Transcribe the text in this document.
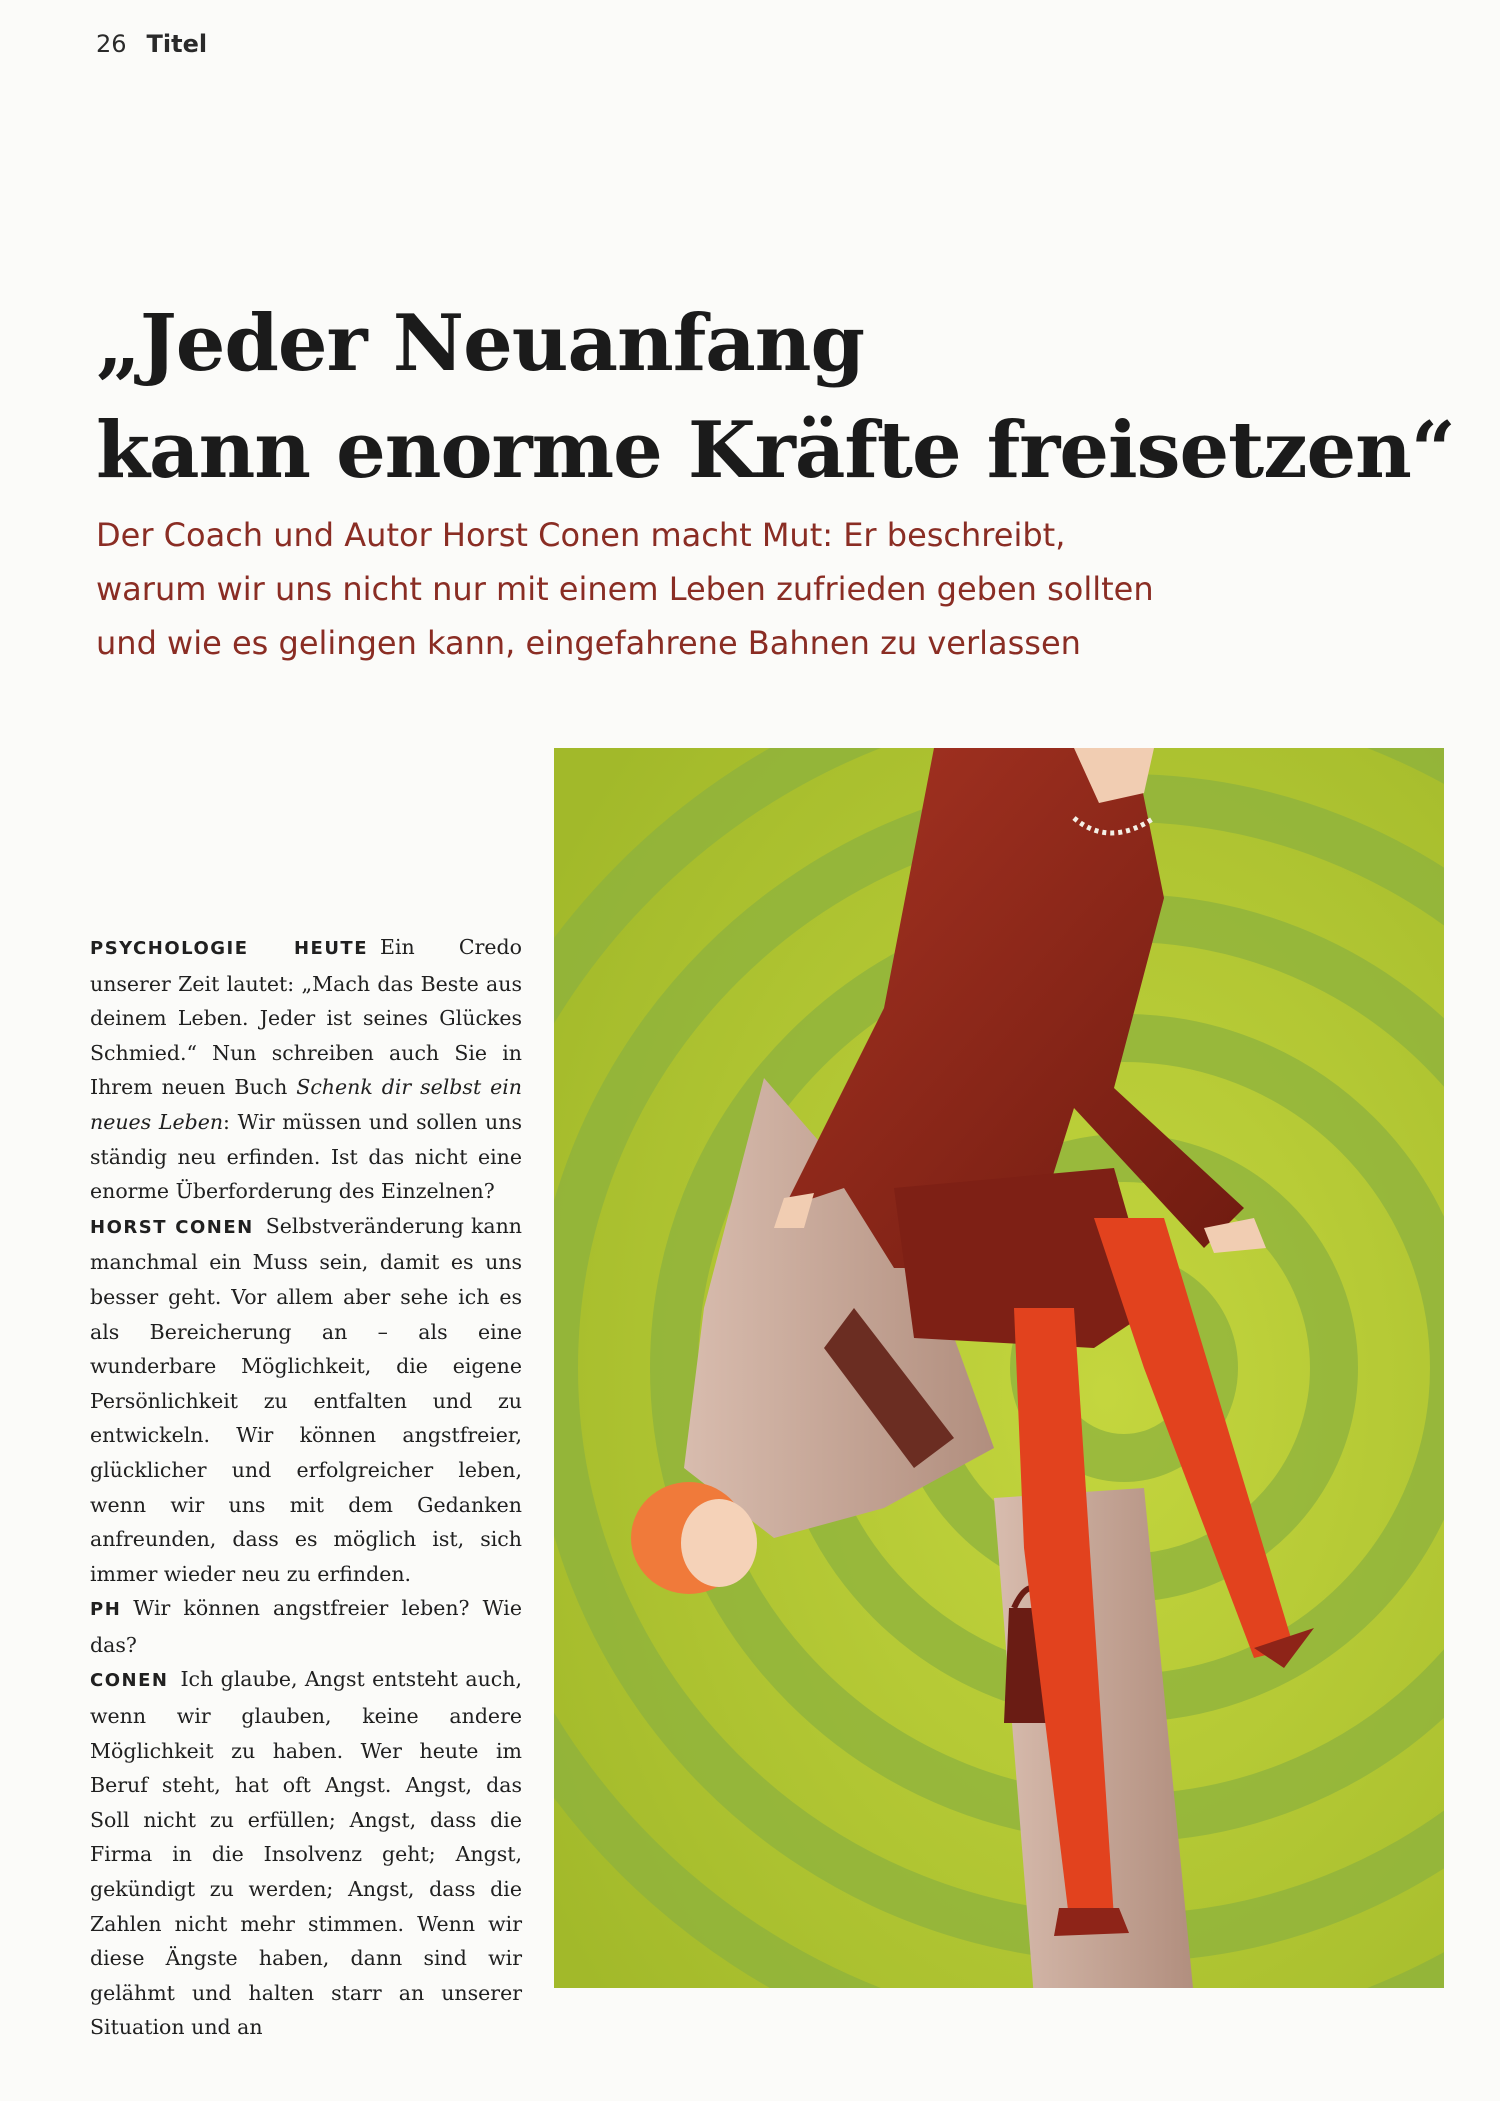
26 Titel
„Jeder Neuanfang
kann enorme Kräfte freisetzen“
Der Coach und Autor Horst Conen macht Mut: Er beschreibt,
warum wir uns nicht nur mit einem Leben zufrieden geben sollten
und wie es gelingen kann, eingefahrene Bahnen zu verlassen

PSYCHOLOGIE HEUTE Ein Credo unserer Zeit lautet: „Mach das Beste aus deinem Leben. Jeder ist seines Glückes Schmied.“ Nun schreiben auch Sie in Ihrem neuen Buch Schenk dir selbst ein neues Leben: Wir müssen und sollen uns ständig neu erfinden. Ist das nicht eine enorme Überforderung des Einzelnen?

HORST CONEN Selbstveränderung kann manchmal ein Muss sein, damit es uns besser geht. Vor allem aber sehe ich es als Bereicherung an – als eine wunderbare Möglichkeit, die eigene Persönlichkeit zu entfalten und zu entwickeln. Wir können angstfreier, glücklicher und erfolgreicher leben, wenn wir uns mit dem Gedanken anfreunden, dass es möglich ist, sich immer wieder neu zu erfinden.

PH Wir können angstfreier leben? Wie das?

CONEN Ich glaube, Angst entsteht auch, wenn wir glauben, keine andere Möglichkeit zu haben. Wer heute im Beruf steht, hat oft Angst. Angst, das Soll nicht zu erfüllen; Angst, dass die Firma in die Insolvenz geht; Angst, gekündigt zu werden; Angst, dass die Zahlen nicht mehr stimmen. Wenn wir diese Ängste haben, dann sind wir gelähmt und halten starr an unserer Situation und an
